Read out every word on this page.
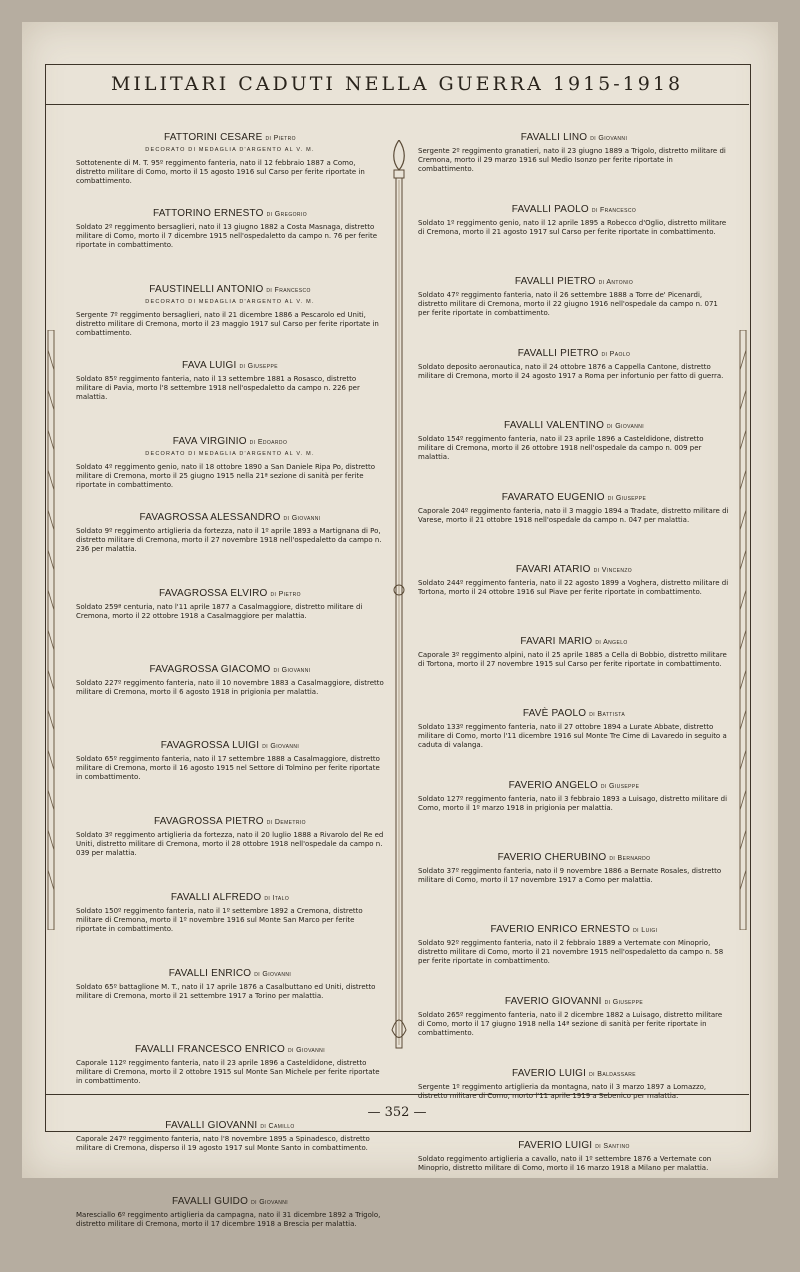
MILITARI CADUTI NELLA GUERRA 1915-1918

FATTORINI CESARE di Pietro

DECORATO DI MEDAGLIA D'ARGENTO AL V. M.

Sottotenente di M. T. 95º reggimento fanteria, nato il 12 febbraio 1887 a Como, distretto militare di Como, morto il 15 agosto 1916 sul Carso per ferite riportate in combattimento.

FATTORINO ERNESTO di Gregorio

Soldato 2º reggimento bersaglieri, nato il 13 giugno 1882 a Costa Masnaga, distretto militare di Como, morto il 7 dicembre 1915 nell'ospedaletto da campo n. 76 per ferite riportate in combattimento.

FAUSTINELLI ANTONIO di Francesco

DECORATO DI MEDAGLIA D'ARGENTO AL V. M.

Sergente 7º reggimento bersaglieri, nato il 21 dicembre 1886 a Pescarolo ed Uniti, distretto militare di Cremona, morto il 23 maggio 1917 sul Carso per ferite riportate in combattimento.

FAVA LUIGI di Giuseppe

Soldato 85º reggimento fanteria, nato il 13 settembre 1881 a Rosasco, distretto militare di Pavia, morto l'8 settembre 1918 nell'ospedaletto da campo n. 226 per malattia.

FAVA VIRGINIO di Edoardo

DECORATO DI MEDAGLIA D'ARGENTO AL V. M.

Soldato 4º reggimento genio, nato il 18 ottobre 1890 a San Daniele Ripa Po, distretto militare di Cremona, morto il 25 giugno 1915 nella 21ª sezione di sanità per ferite riportate in combattimento.

FAVAGROSSA ALESSANDRO di Giovanni

Soldato 9º reggimento artiglieria da fortezza, nato il 1º aprile 1893 a Martignana di Po, distretto militare di Cremona, morto il 27 novembre 1918 nell'ospedaletto da campo n. 236 per malattia.

FAVAGROSSA ELVIRO di Pietro

Soldato 259ª centuria, nato l'11 aprile 1877 a Casalmaggiore, distretto militare di Cremona, morto il 22 ottobre 1918 a Casalmaggiore per malattia.

FAVAGROSSA GIACOMO di Giovanni

Soldato 227º reggimento fanteria, nato il 10 novembre 1883 a Casalmaggiore, distretto militare di Cremona, morto il 6 agosto 1918 in prigionia per malattia.

FAVAGROSSA LUIGI di Giovanni

Soldato 65º reggimento fanteria, nato il 17 settembre 1888 a Casalmaggiore, distretto militare di Cremona, morto il 16 agosto 1915 nel Settore di Tolmino per ferite riportate in combattimento.

FAVAGROSSA PIETRO di Demetrio

Soldato 3º reggimento artiglieria da fortezza, nato il 20 luglio 1888 a Rivarolo del Re ed Uniti, distretto militare di Cremona, morto il 28 ottobre 1918 nell'ospedale da campo n. 039 per malattia.

FAVALLI ALFREDO di Italo

Soldato 150º reggimento fanteria, nato il 1º settembre 1892 a Cremona, distretto militare di Cremona, morto il 1º novembre 1916 sul Monte San Marco per ferite riportate in combattimento.

FAVALLI ENRICO di Giovanni

Soldato 65º battaglione M. T., nato il 17 aprile 1876 a Casalbuttano ed Uniti, distretto militare di Cremona, morto il 21 settembre 1917 a Torino per malattia.

FAVALLI FRANCESCO ENRICO di Giovanni

Caporale 112º reggimento fanteria, nato il 23 aprile 1896 a Casteldidone, distretto militare di Cremona, morto il 2 ottobre 1915 sul Monte San Michele per ferite riportate in combattimento.

FAVALLI GIOVANNI di Camillo

Caporale 247º reggimento fanteria, nato l'8 novembre 1895 a Spinadesco, distretto militare di Cremona, disperso il 19 agosto 1917 sul Monte Santo in combattimento.

FAVALLI GUIDO di Giovanni

Maresciallo 6º reggimento artiglieria da campagna, nato il 31 dicembre 1892 a Trigolo, distretto militare di Cremona, morto il 17 dicembre 1918 a Brescia per malattia.

FAVALLI LINO di Giovanni

Sergente 2º reggimento granatieri, nato il 23 giugno 1889 a Trigolo, distretto militare di Cremona, morto il 29 marzo 1916 sul Medio Isonzo per ferite riportate in combattimento.

FAVALLI PAOLO di Francesco

Soldato 1º reggimento genio, nato il 12 aprile 1895 a Robecco d'Oglio, distretto militare di Cremona, morto il 21 agosto 1917 sul Carso per ferite riportate in combattimento.

FAVALLI PIETRO di Antonio

Soldato 47º reggimento fanteria, nato il 26 settembre 1888 a Torre de' Picenardi, distretto militare di Cremona, morto il 22 giugno 1916 nell'ospedale da campo n. 071 per ferite riportate in combattimento.

FAVALLI PIETRO di Paolo

Soldato deposito aeronautica, nato il 24 ottobre 1876 a Cappella Cantone, distretto militare di Cremona, morto il 24 agosto 1917 a Roma per infortunio per fatto di guerra.

FAVALLI VALENTINO di Giovanni

Soldato 154º reggimento fanteria, nato il 23 aprile 1896 a Casteldidone, distretto militare di Cremona, morto il 26 ottobre 1918 nell'ospedale da campo n. 009 per malattia.

FAVARATO EUGENIO di Giuseppe

Caporale 204º reggimento fanteria, nato il 3 maggio 1894 a Tradate, distretto militare di Varese, morto il 21 ottobre 1918 nell'ospedale da campo n. 047 per malattia.

FAVARI ATARIO di Vincenzo

Soldato 244º reggimento fanteria, nato il 22 agosto 1899 a Voghera, distretto militare di Tortona, morto il 24 ottobre 1916 sul Piave per ferite riportate in combattimento.

FAVARI MARIO di Angelo

Caporale 3º reggimento alpini, nato il 25 aprile 1885 a Cella di Bobbio, distretto militare di Tortona, morto il 27 novembre 1915 sul Carso per ferite riportate in combattimento.

FAVÈ PAOLO di Battista

Soldato 133º reggimento fanteria, nato il 27 ottobre 1894 a Lurate Abbate, distretto militare di Como, morto l'11 dicembre 1916 sul Monte Tre Cime di Lavaredo in seguito a caduta di valanga.

FAVERIO ANGELO di Giuseppe

Soldato 127º reggimento fanteria, nato il 3 febbraio 1893 a Luisago, distretto militare di Como, morto il 1º marzo 1918 in prigionia per malattia.

FAVERIO CHERUBINO di Bernardo

Soldato 37º reggimento fanteria, nato il 9 novembre 1886 a Bernate Rosales, distretto militare di Como, morto il 17 novembre 1917 a Como per malattia.

FAVERIO ENRICO ERNESTO di Luigi

Soldato 92º reggimento fanteria, nato il 2 febbraio 1889 a Vertemate con Minoprio, distretto militare di Como, morto il 21 novembre 1915 nell'ospedaletto da campo n. 58 per ferite riportate in combattimento.

FAVERIO GIOVANNI di Giuseppe

Soldato 265º reggimento fanteria, nato il 2 dicembre 1882 a Luisago, distretto militare di Como, morto il 17 giugno 1918 nella 14ª sezione di sanità per ferite riportate in combattimento.

FAVERIO LUIGI di Baldassare

Sergente 1º reggimento artiglieria da montagna, nato il 3 marzo 1897 a Lomazzo, distretto militare di Como, morto l'11 aprile 1919 a Sebenico per malattia.

FAVERIO LUIGI di Santino

Soldato reggimento artiglieria a cavallo, nato il 1º settembre 1876 a Vertemate con Minoprio, distretto militare di Como, morto il 16 marzo 1918 a Milano per malattia.

— 352 —
